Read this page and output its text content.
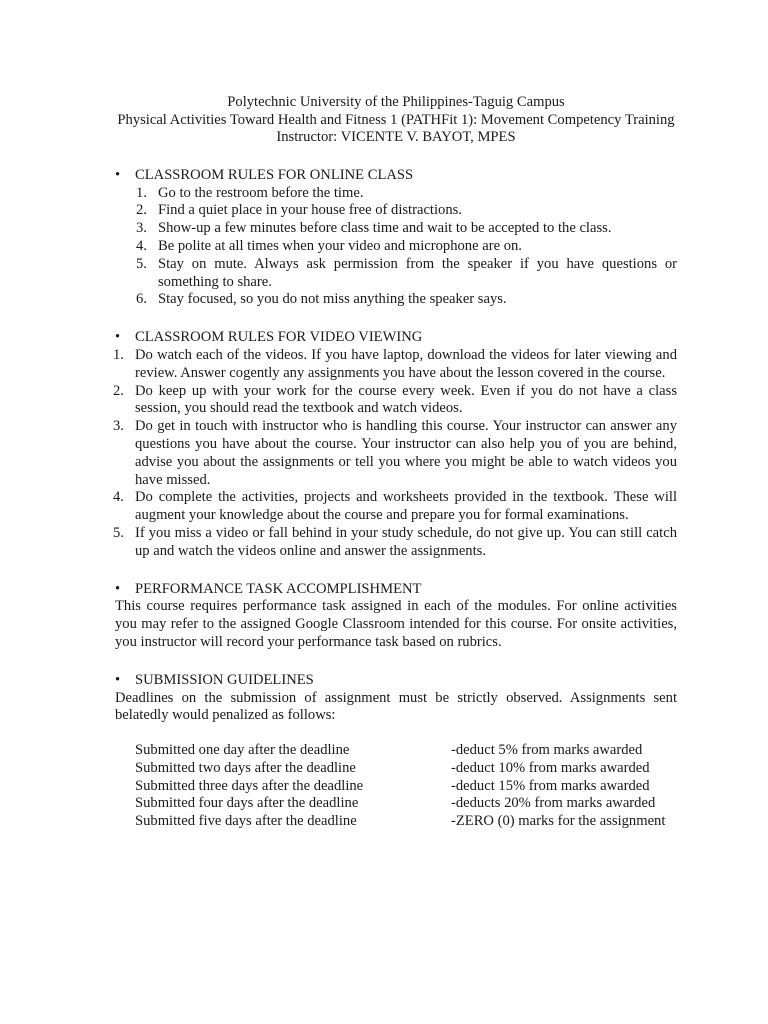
Polytechnic University of the Philippines-Taguig Campus
Physical Activities Toward Health and Fitness 1 (PATHFit 1): Movement Competency Training
Instructor: VICENTE V. BAYOT, MPES
• CLASSROOM RULES FOR ONLINE CLASS
1. Go to the restroom before the time.
2. Find a quiet place in your house free of distractions.
3. Show-up a few minutes before class time and wait to be accepted to the class.
4. Be polite at all times when your video and microphone are on.
5. Stay on mute. Always ask permission from the speaker if you have questions or something to share.
6. Stay focused, so you do not miss anything the speaker says.
• CLASSROOM RULES FOR VIDEO VIEWING
1. Do watch each of the videos. If you have laptop, download the videos for later viewing and review. Answer cogently any assignments you have about the lesson covered in the course.
2. Do keep up with your work for the course every week. Even if you do not have a class session, you should read the textbook and watch videos.
3. Do get in touch with instructor who is handling this course. Your instructor can answer any questions you have about the course. Your instructor can also help you of you are behind, advise you about the assignments or tell you where you might be able to watch videos you have missed.
4. Do complete the activities, projects and worksheets provided in the textbook. These will augment your knowledge about the course and prepare you for formal examinations.
5. If you miss a video or fall behind in your study schedule, do not give up. You can still catch up and watch the videos online and answer the assignments.
• PERFORMANCE TASK ACCOMPLISHMENT

This course requires performance task assigned in each of the modules. For online activities you may refer to the assigned Google Classroom intended for this course. For onsite activities, you instructor will record your performance task based on rubrics.

• SUBMISSION GUIDELINES

Deadlines on the submission of assignment must be strictly observed. Assignments sent belatedly would penalized as follows:

Submitted one day after the deadline	-deduct 5% from marks awarded
Submitted two days after the deadline	-deduct 10% from marks awarded
Submitted three days after the deadline	-deduct 15% from marks awarded
Submitted four days after the deadline	-deducts 20% from marks awarded
Submitted five days after the deadline	-ZERO (0) marks for the assignment
